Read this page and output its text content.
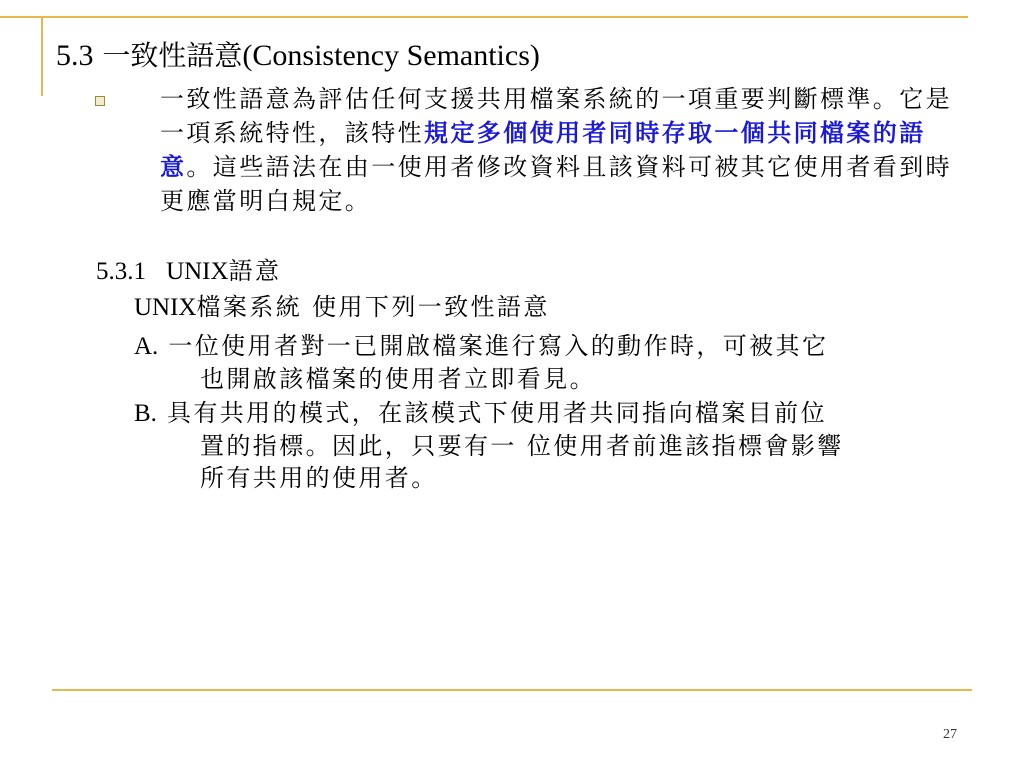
5.3 一致性語意(Consistency Semantics)
一致性語意為評估任何支援共用檔案系統的一項重要判斷標準。它是一項系統特性，該特性規定多個使用者同時存取一個共同檔案的語意。這些語法在由一使用者修改資料且該資料可被其它使用者看到時更應當明白規定。
5.3.1 UNIX語意
UNIX檔案系統 使用下列一致性語意
A. 一位使用者對一已開啟檔案進行寫入的動作時，可被其它
也開啟該檔案的使用者立即看見。
B. 具有共用的模式，在該模式下使用者共同指向檔案目前位
置的指標。因此，只要有一 位使用者前進該指標會影響
所有共用的使用者。
27
